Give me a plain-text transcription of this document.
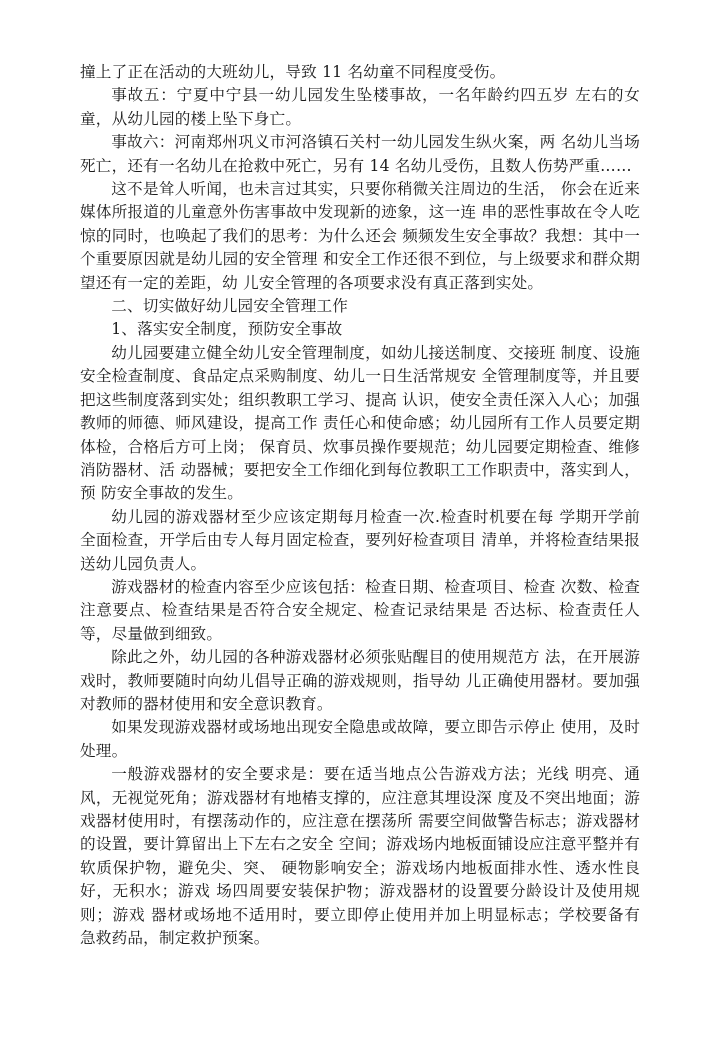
撞上了正在活动的大班幼儿，导致 11 名幼童不同程度受伤。

事故五：宁夏中宁县一幼儿园发生坠楼事故，一名年龄约四五岁 左右的女童，从幼儿园的楼上坠下身亡。

事故六：河南郑州巩义市河洛镇石关村一幼儿园发生纵火案，两 名幼儿当场死亡，还有一名幼儿在抢救中死亡，另有 14 名幼儿受伤，且数人伤势严重……

这不是耸人听闻，也未言过其实，只要你稍微关注周边的生活， 你会在近来媒体所报道的儿童意外伤害事故中发现新的迹象，这一连 串的恶性事故在令人吃惊的同时，也唤起了我们的思考：为什么还会 频频发生安全事故？我想：其中一个重要原因就是幼儿园的安全管理 和安全工作还很不到位，与上级要求和群众期望还有一定的差距，幼 儿安全管理的各项要求没有真正落到实处。

二、切实做好幼儿园安全管理工作

1、落实安全制度，预防安全事故

幼儿园要建立健全幼儿安全管理制度，如幼儿接送制度、交接班 制度、设施安全检查制度、食品定点采购制度、幼儿一日生活常规安 全管理制度等，并且要把这些制度落到实处；组织教职工学习、提高 认识，使安全责任深入人心；加强教师的师德、师风建设，提高工作 责任心和使命感；幼儿园所有工作人员要定期体检，合格后方可上岗； 保育员、炊事员操作要规范；幼儿园要定期检查、维修消防器材、活 动器械；要把安全工作细化到每位教职工工作职责中，落实到人，预 防安全事故的发生。

幼儿园的游戏器材至少应该定期每月检查一次.检查时机要在每 学期开学前全面检查，开学后由专人每月固定检查，要列好检查项目 清单，并将检查结果报送幼儿园负责人。

游戏器材的检查内容至少应该包括：检查日期、检查项目、检查 次数、检查注意要点、检查结果是否符合安全规定、检查记录结果是 否达标、检查责任人等，尽量做到细致。

除此之外，幼儿园的各种游戏器材必须张贴醒目的使用规范方 法，在开展游戏时，教师要随时向幼儿倡导正确的游戏规则，指导幼 儿正确使用器材。要加强对教师的器材使用和安全意识教育。

如果发现游戏器材或场地出现安全隐患或故障，要立即告示停止 使用，及时处理。

一般游戏器材的安全要求是：要在适当地点公告游戏方法；光线 明亮、通风，无视觉死角；游戏器材有地樁支撑的，应注意其埋设深 度及不突出地面；游戏器材使用时，有摆荡动作的，应注意在摆荡所 需要空间做警告标志；游戏器材的设置，要计算留出上下左右之安全 空间；游戏场内地板面铺设应注意平整并有软质保护物，避免尖、突、 硬物影响安全；游戏场内地板面排水性、透水性良好，无积水；游戏 场四周要安装保护物；游戏器材的设置要分龄设计及使用规则；游戏 器材或场地不适用时，要立即停止使用并加上明显标志；学校要备有 急救药品，制定救护预案。
